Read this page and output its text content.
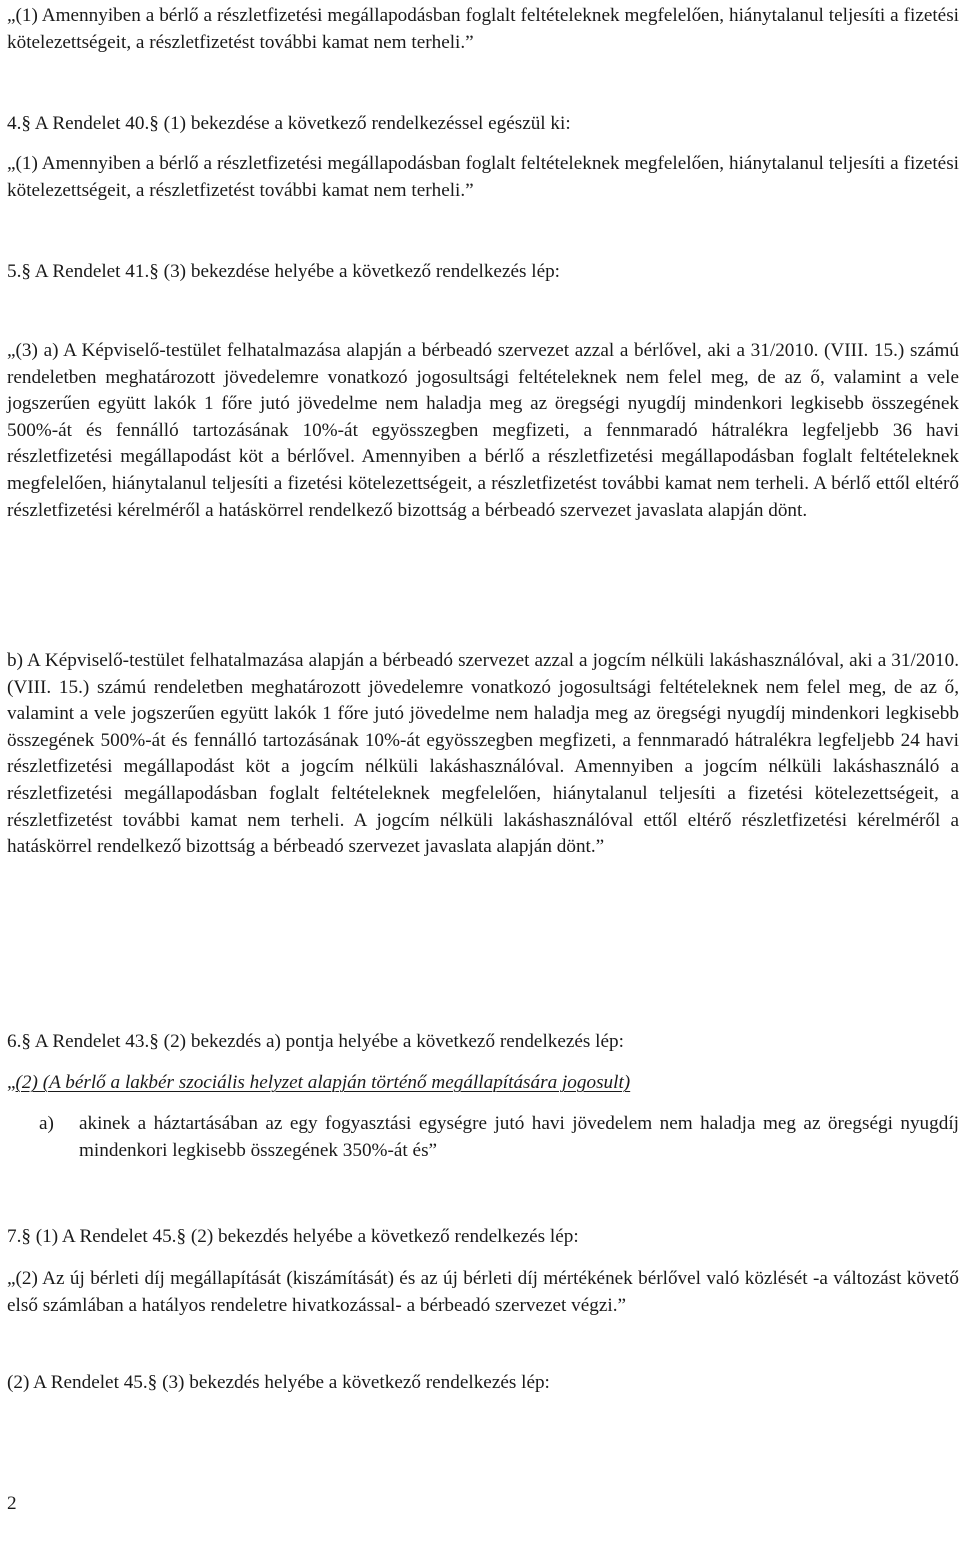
„(1) Amennyiben a bérlő a részletfizetési megállapodásban foglalt feltételeknek megfelelően, hiánytalanul teljesíti a fizetési kötelezettségeit, a részletfizetést további kamat nem terheli.”
4.§ A Rendelet 40.§ (1) bekezdése a következő rendelkezéssel egészül ki:
„(1) Amennyiben a bérlő a részletfizetési megállapodásban foglalt feltételeknek megfelelően, hiánytalanul teljesíti a fizetési kötelezettségeit, a részletfizetést további kamat nem terheli.”
5.§ A Rendelet 41.§ (3) bekezdése helyébe a következő rendelkezés lép:
„(3) a) A Képviselő-testület felhatalmazása alapján a bérbeadó szervezet azzal a bérlővel, aki a 31/2010. (VIII. 15.) számú rendeletben meghatározott jövedelemre vonatkozó jogosultsági feltételeknek nem felel meg, de az ő, valamint a vele jogszerűen együtt lakók 1 főre jutó jövedelme nem haladja meg az öregségi nyugdíj mindenkori legkisebb összegének 500%-át és fennálló tartozásának 10%-át egyösszegben megfizeti, a fennmaradó hátralékra legfeljebb 36 havi részletfizetési megállapodást köt a bérlővel. Amennyiben a bérlő a részletfizetési megállapodásban foglalt feltételeknek megfelelően, hiánytalanul teljesíti a fizetési kötelezettségeit, a részletfizetést további kamat nem terheli. A bérlő ettől eltérő részletfizetési kérelméről a hatáskörrel rendelkező bizottság a bérbeadó szervezet javaslata alapján dönt.
b) A Képviselő-testület felhatalmazása alapján a bérbeadó szervezet azzal a jogcím nélküli lakáshasználóval, aki a 31/2010. (VIII. 15.) számú rendeletben meghatározott jövedelemre vonatkozó jogosultsági feltételeknek nem felel meg, de az ő, valamint a vele jogszerűen együtt lakók 1 főre jutó jövedelme nem haladja meg az öregségi nyugdíj mindenkori legkisebb összegének 500%-át és fennálló tartozásának 10%-át egyösszegben megfizeti, a fennmaradó hátralékra legfeljebb 24 havi részletfizetési megállapodást köt a jogcím nélküli lakáshasználóval. Amennyiben a jogcím nélküli lakáshasználó a részletfizetési megállapodásban foglalt feltételeknek megfelelően, hiánytalanul teljesíti a fizetési kötelezettségeit, a részletfizetést további kamat nem terheli. A jogcím nélküli lakáshasználóval ettől eltérő részletfizetési kérelméről a hatáskörrel rendelkező bizottság a bérbeadó szervezet javaslata alapján dönt.”
6.§ A Rendelet 43.§ (2) bekezdés a) pontja helyébe a következő rendelkezés lép:
„(2) (A bérlő a lakbér szociális helyzet alapján történő megállapítására jogosult)
a) akinek a háztartásában az egy fogyasztási egységre jutó havi jövedelem nem haladja meg az öregségi nyugdíj mindenkori legkisebb összegének 350%-át és”
7.§ (1) A Rendelet 45.§ (2) bekezdés helyébe a következő rendelkezés lép:
„(2) Az új bérleti díj megállapítását (kiszámítását) és az új bérleti díj mértékének bérlővel való közlését -a változást követő első számlában a hatályos rendeletre hivatkozással- a bérbeadó szervezet végzi.”
(2) A Rendelet 45.§ (3) bekezdés helyébe a következő rendelkezés lép:
2
